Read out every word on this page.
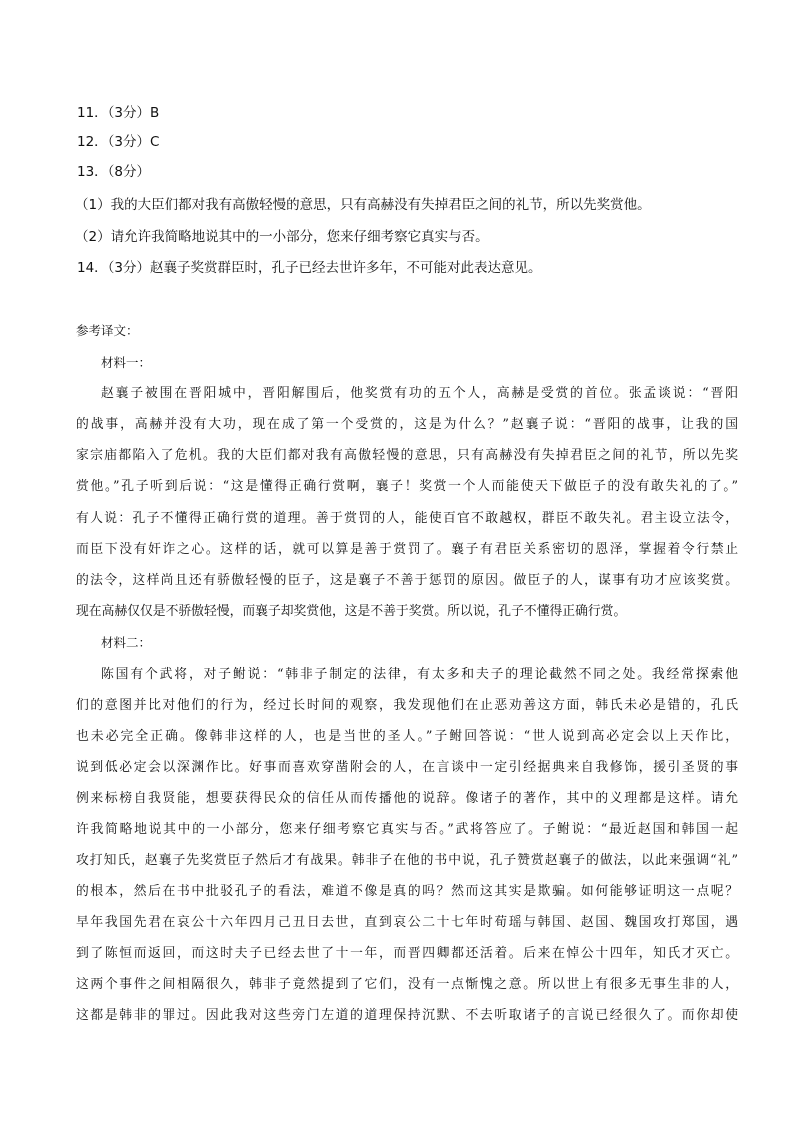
11．（3分）B
12．（3分）C
13．（8分）
（1）我的大臣们都对我有高傲轻慢的意思，只有高赫没有失掉君臣之间的礼节，所以先奖赏他。
（2）请允许我简略地说其中的一小部分，您来仔细考察它真实与否。
14．（3分）赵襄子奖赏群臣时，孔子已经去世许多年，不可能对此表达意见。
参考译文：
材料一：
赵襄子被围在晋阳城中，晋阳解围后，他奖赏有功的五个人，高赫是受赏的首位。张孟谈说：“晋阳
的战事，高赫并没有大功，现在成了第一个受赏的，这是为什么？”赵襄子说：“晋阳的战事，让我的国
家宗庙都陷入了危机。我的大臣们都对我有高傲轻慢的意思，只有高赫没有失掉君臣之间的礼节，所以先奖
赏他。”孔子听到后说：“这是懂得正确行赏啊，襄子！奖赏一个人而能使天下做臣子的没有敢失礼的了。”
有人说：孔子不懂得正确行赏的道理。善于赏罚的人，能使百官不敢越权，群臣不敢失礼。君主设立法令，
而臣下没有奸诈之心。这样的话，就可以算是善于赏罚了。襄子有君臣关系密切的恩泽，掌握着令行禁止
的法令，这样尚且还有骄傲轻慢的臣子，这是襄子不善于惩罚的原因。做臣子的人，谋事有功才应该奖赏。
现在高赫仅仅是不骄傲轻慢，而襄子却奖赏他，这是不善于奖赏。所以说，孔子不懂得正确行赏。
材料二：
陈国有个武将，对子鲋说：“韩非子制定的法律，有太多和夫子的理论截然不同之处。我经常探索他
们的意图并比对他们的行为，经过长时间的观察，我发现他们在止恶劝善这方面，韩氏未必是错的，孔氏
也未必完全正确。像韩非这样的人，也是当世的圣人。”子鲋回答说：“世人说到高必定会以上天作比，
说到低必定会以深渊作比。好事而喜欢穿凿附会的人，在言谈中一定引经据典来自我修饰，援引圣贤的事
例来标榜自我贤能，想要获得民众的信任从而传播他的说辞。像诸子的著作，其中的义理都是这样。请允
许我简略地说其中的一小部分，您来仔细考察它真实与否。”武将答应了。子鲋说：“最近赵国和韩国一起
攻打知氏，赵襄子先奖赏臣子然后才有战果。韩非子在他的书中说，孔子赞赏赵襄子的做法，以此来强调“礼”
的根本，然后在书中批驳孔子的看法，难道不像是真的吗？然而这其实是欺骗。如何能够证明这一点呢？
早年我国先君在哀公十六年四月己丑日去世，直到哀公二十七年时荀瑶与韩国、赵国、魏国攻打郑国，遇
到了陈恒而返回，而这时夫子已经去世了十一年，而晋四卿都还活着。后来在悼公十四年，知氏才灭亡。
这两个事件之间相隔很久，韩非子竟然提到了它们，没有一点惭愧之意。所以世上有很多无事生非的人，
这都是韩非的罪过。因此我对这些旁门左道的道理保持沉默、不去听取诸子的言说已经很久了。而你却使
